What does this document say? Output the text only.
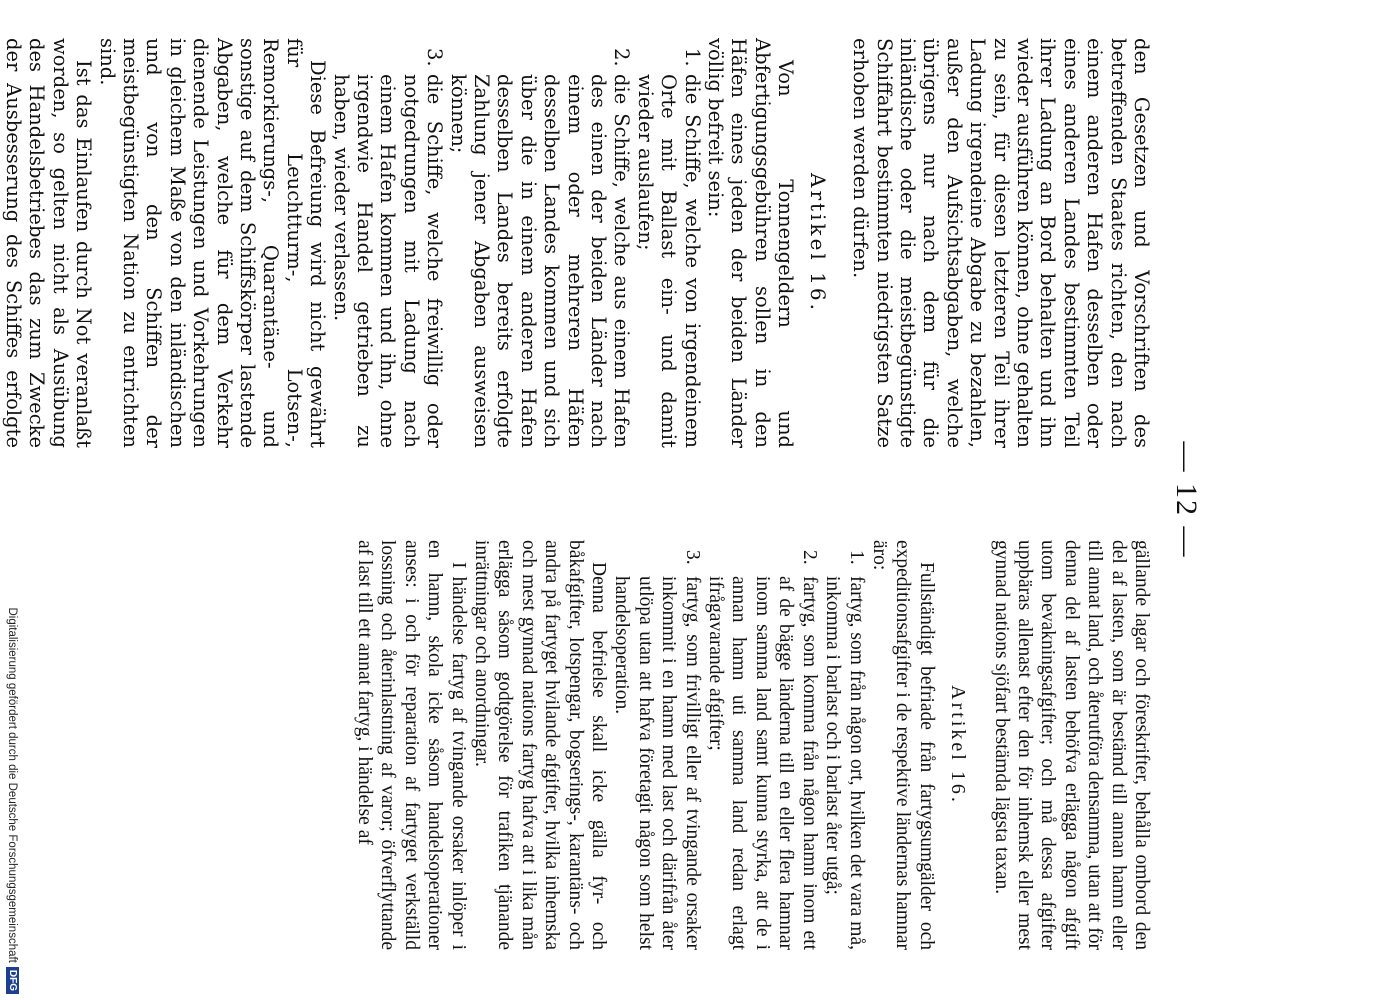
— 12 —

den Gesetzen und Vorschriften des betreffenden Staates richten, den nach einem anderen Hafen desselben oder eines anderen Landes bestimmten Teil ihrer Ladung an Bord behalten und ihn wieder ausführen können, ohne gehalten zu sein, für diesen letzteren Teil ihrer Ladung irgendeine Abgabe zu bezahlen, außer den Aufsichtsabgaben, welche übrigens nur nach dem für die inländische oder die meistbegünstigte Schiffahrt bestimmten niedrigsten Satze erhoben werden dürfen.

Artikel 16.

Von Tonnengeldern und Abfertigungsgebühren sollen in den Häfen eines jeden der beiden Länder völlig befreit sein:

1.
die Schiffe, welche von irgendeinem Orte mit Ballast ein- und damit wieder auslaufen;
2.
die Schiffe, welche aus einem Hafen des einen der beiden Länder nach einem oder mehreren Häfen desselben Landes kommen und sich über die in einem anderen Hafen desselben Landes bereits erfolgte Zahlung jener Abgaben ausweisen können;
3.
die Schiffe, welche freiwillig oder notgedrungen mit Ladung nach einem Hafen kommen und ihn, ohne irgendwie Handel getrieben zu haben, wieder verlassen.

Diese Befreiung wird nicht gewährt für Leuchtturm-, Lotsen-, Remorkierungs-, Quarantäne- und sonstige auf dem Schiffskörper lastende Abgaben, welche für dem Verkehr dienende Leistungen und Vorkehrungen in gleichem Maße von den inländischen und von den Schiffen der meistbegünstigten Nation zu entrichten sind.

Ist das Einlaufen durch Not veranlaßt worden, so gelten nicht als Ausübung des Handelsbetriebes das zum Zwecke der Ausbesserung des Schiffes erfolgte

gällande lagar och föreskrifter, behålla ombord den del af lasten, som är bestämd till annan hamn eller till annat land, och återutföra densamma, utan att för denna del af lasten behöfva erlägga någon afgift utom bevakningsafgifter; och må dessa afgifter uppbäras allenast efter den för inhemsk eller mest gynnad nations sjöfart bestämda lägsta taxan.

Artikel 16.

Fullständigt befriade från fartygsumgälder och expeditionsafgifter i de respektive ländernas hamnar äro:

1.
fartyg, som från någon ort, hvilken det vara må, inkomma i barlast och i barlast åter utgå;
2.
fartyg, som komma från någon hamn inom ett af de bägge länderna till en eller flera hamnar inom samma land samt kunna styrka, att de i annan hamn uti samma land redan erlagt ifrågavarande afgifter;
3.
fartyg, som frivilligt eller af tvingande orsaker inkommit i en hamn med last och därifrån åter utlöpa utan att hafva företagit någon som helst handelsoperation.

Denna befrielse skall icke gälla fyr- och båkafgifter, lotspengar, bogserings-, karantäns- och andra på fartyget hvilande afgifter, hvilka inhemska och mest gynnad nations fartyg hafva att i lika mån erlägga såsom godtgörelse för trafiken tjänande inrättningar och anordningar.

I händelse fartyg af tvingande orsaker inlöper i en hamn, skola icke såsom handelsoperationer anses: i och för reparation af fartyget verkställd lossning och återinlastning af varor; öfverflyttande af last till ett annat fartyg, i händelse af

Digitalisierung gefördert durch die Deutsche Forschungsgemeinschaft
DFG
